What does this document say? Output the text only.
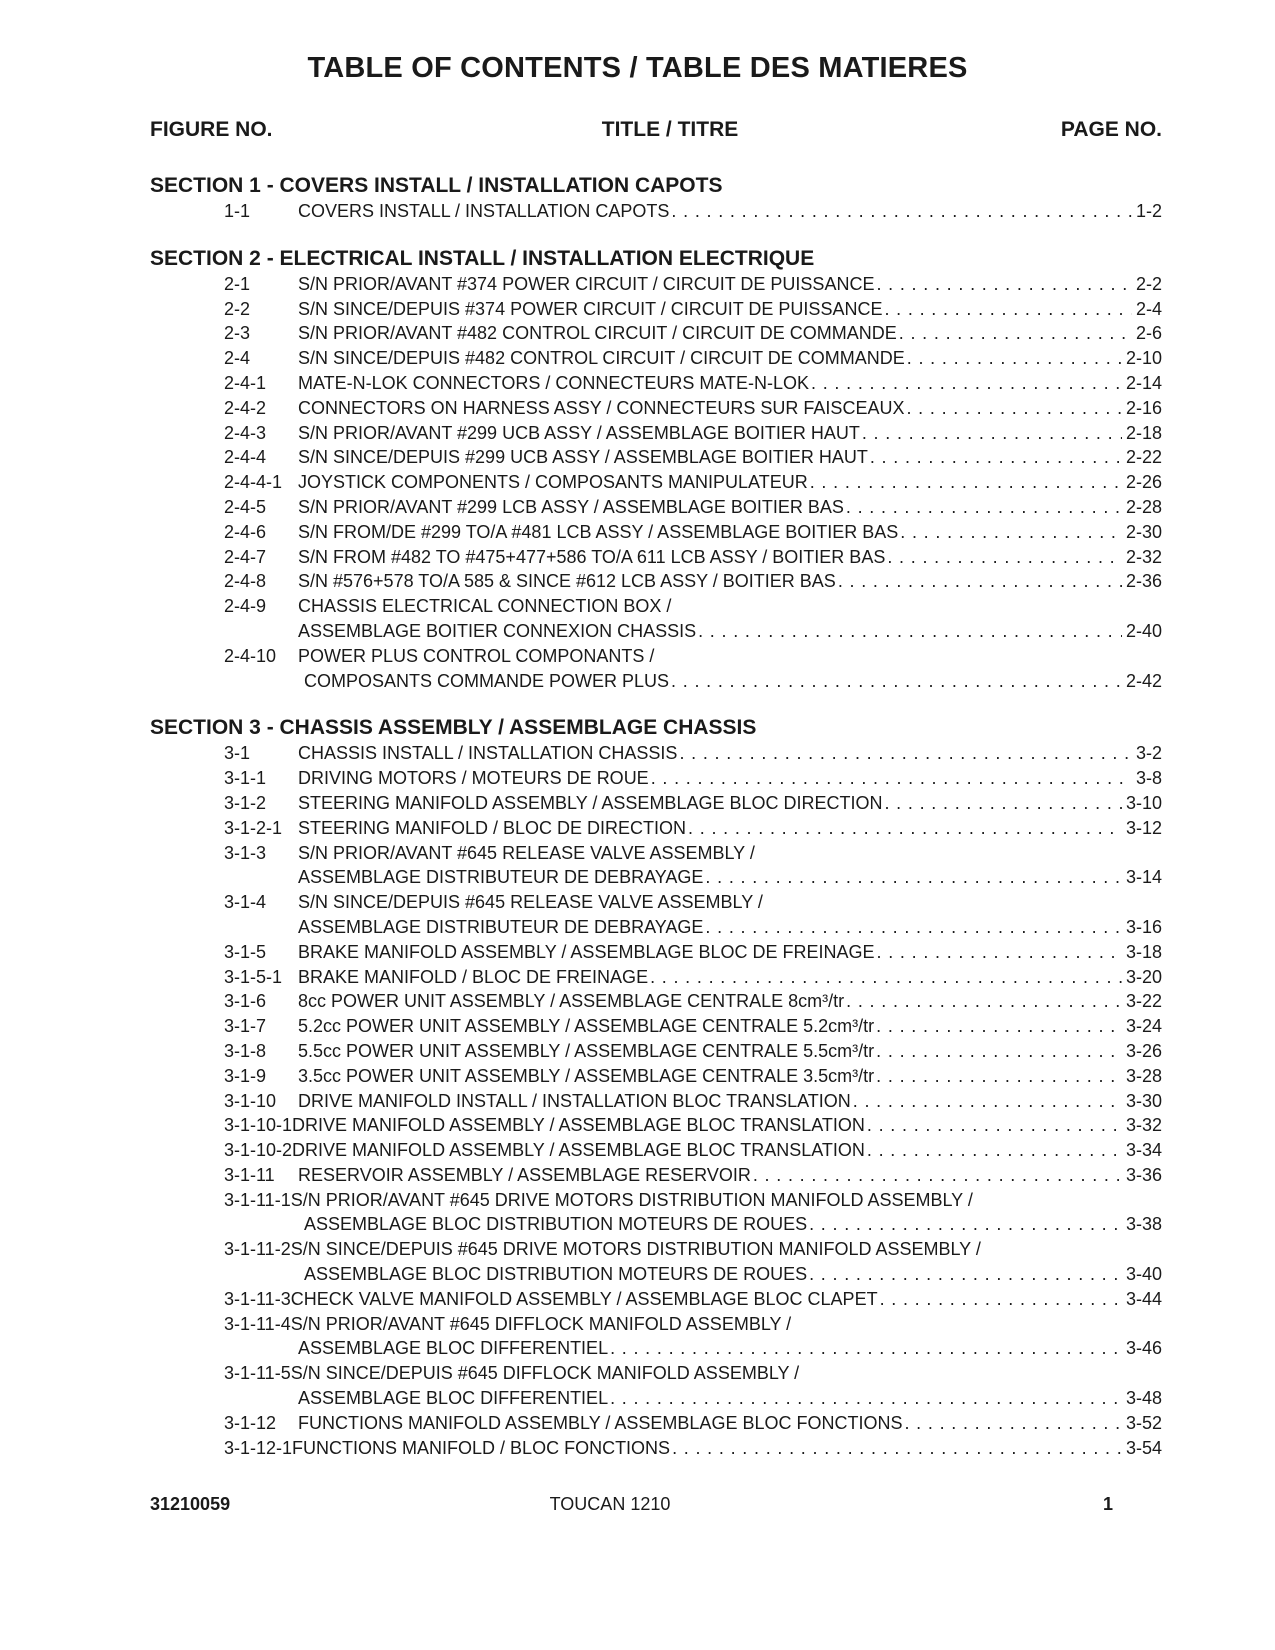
TABLE OF CONTENTS / TABLE DES MATIERES
FIGURE NO.	TITLE / TITRE	PAGE NO.
SECTION 1 - COVERS INSTALL / INSTALLATION CAPOTS
1-1	COVERS INSTALL / INSTALLATION CAPOTS . . .	1-2
SECTION 2 - ELECTRICAL INSTALL / INSTALLATION ELECTRIQUE
2-1	S/N PRIOR/AVANT #374 POWER CIRCUIT / CIRCUIT DE PUISSANCE . . .	2-2
2-2	S/N SINCE/DEPUIS #374 POWER CIRCUIT / CIRCUIT DE PUISSANCE . . .	2-4
2-3	S/N PRIOR/AVANT #482 CONTROL CIRCUIT / CIRCUIT DE COMMANDE . . .	2-6
2-4	S/N SINCE/DEPUIS #482 CONTROL CIRCUIT / CIRCUIT DE COMMANDE . . .	2-10
2-4-1	MATE-N-LOK CONNECTORS / CONNECTEURS MATE-N-LOK . . .	2-14
2-4-2	CONNECTORS ON HARNESS ASSY / CONNECTEURS SUR FAISCEAUX . . .	2-16
2-4-3	S/N PRIOR/AVANT #299 UCB ASSY / ASSEMBLAGE BOITIER HAUT . . .	2-18
2-4-4	S/N SINCE/DEPUIS #299 UCB ASSY / ASSEMBLAGE BOITIER HAUT . . .	2-22
2-4-4-1 JOYSTICK COMPONENTS / COMPOSANTS MANIPULATEUR . . .	2-26
2-4-5	S/N PRIOR/AVANT #299 LCB ASSY / ASSEMBLAGE BOITIER BAS . . .	2-28
2-4-6	S/N FROM/DE #299 TO/A #481 LCB ASSY / ASSEMBLAGE BOITIER BAS . . .	2-30
2-4-7	S/N FROM #482 TO #475+477+586 TO/A 611 LCB ASSY / BOITIER BAS . . .	2-32
2-4-8	S/N #576+578 TO/A 585 & SINCE #612 LCB ASSY / BOITIER BAS . . .	2-36
2-4-9	CHASSIS ELECTRICAL CONNECTION BOX /
ASSEMBLAGE BOITIER CONNEXION CHASSIS . . .	2-40
2-4-10	POWER PLUS CONTROL COMPONANTS /
COMPOSANTS COMMANDE POWER PLUS . . .	2-42
SECTION 3 - CHASSIS ASSEMBLY / ASSEMBLAGE CHASSIS
3-1	CHASSIS INSTALL / INSTALLATION CHASSIS . . .	3-2
3-1-1	DRIVING MOTORS / MOTEURS DE ROUE . . .	3-8
3-1-2	STEERING MANIFOLD ASSEMBLY / ASSEMBLAGE BLOC DIRECTION . . .	3-10
3-1-2-1 STEERING MANIFOLD / BLOC DE DIRECTION . . .	3-12
3-1-3	S/N PRIOR/AVANT #645 RELEASE VALVE ASSEMBLY /
ASSEMBLAGE DISTRIBUTEUR DE DEBRAYAGE . . .	3-14
3-1-4	S/N SINCE/DEPUIS #645 RELEASE VALVE ASSEMBLY /
ASSEMBLAGE DISTRIBUTEUR DE DEBRAYAGE . . .	3-16
3-1-5	BRAKE MANIFOLD ASSEMBLY / ASSEMBLAGE BLOC DE FREINAGE . . .	3-18
3-1-5-1 BRAKE MANIFOLD / BLOC DE FREINAGE . . .	3-20
3-1-6	8cc POWER UNIT ASSEMBLY / ASSEMBLAGE CENTRALE 8cm³/tr . . .	3-22
3-1-7	5.2cc POWER UNIT ASSEMBLY / ASSEMBLAGE CENTRALE 5.2cm³/tr . . .	3-24
3-1-8	5.5cc POWER UNIT ASSEMBLY / ASSEMBLAGE CENTRALE 5.5cm³/tr . . .	3-26
3-1-9	3.5cc POWER UNIT ASSEMBLY / ASSEMBLAGE CENTRALE 3.5cm³/tr . . .	3-28
3-1-10	DRIVE MANIFOLD INSTALL / INSTALLATION BLOC TRANSLATION . . .	3-30
3-1-10-1 DRIVE MANIFOLD ASSEMBLY / ASSEMBLAGE BLOC TRANSLATION . . .	3-32
3-1-10-2 DRIVE MANIFOLD ASSEMBLY / ASSEMBLAGE BLOC TRANSLATION . . .	3-34
3-1-11	RESERVOIR ASSEMBLY / ASSEMBLAGE RESERVOIR . . .	3-36
3-1-11-1 S/N PRIOR/AVANT #645 DRIVE MOTORS DISTRIBUTION MANIFOLD ASSEMBLY /
ASSEMBLAGE BLOC DISTRIBUTION MOTEURS DE ROUES . . .	3-38
3-1-11-2 S/N SINCE/DEPUIS #645 DRIVE MOTORS DISTRIBUTION MANIFOLD ASSEMBLY /
ASSEMBLAGE BLOC DISTRIBUTION MOTEURS DE ROUES . . .	3-40
3-1-11-3 CHECK VALVE MANIFOLD ASSEMBLY / ASSEMBLAGE BLOC CLAPET . . .	3-44
3-1-11-4 S/N PRIOR/AVANT #645 DIFFLOCK MANIFOLD ASSEMBLY /
ASSEMBLAGE BLOC DIFFERENTIEL . . .	3-46
3-1-11-5 S/N SINCE/DEPUIS #645 DIFFLOCK MANIFOLD ASSEMBLY /
ASSEMBLAGE BLOC DIFFERENTIEL . . .	3-48
3-1-12	FUNCTIONS MANIFOLD ASSEMBLY / ASSEMBLAGE BLOC FONCTIONS . . .	3-52
3-1-12-1 FUNCTIONS MANIFOLD / BLOC FONCTIONS . . .	3-54
31210059	TOUCAN 1210	1
